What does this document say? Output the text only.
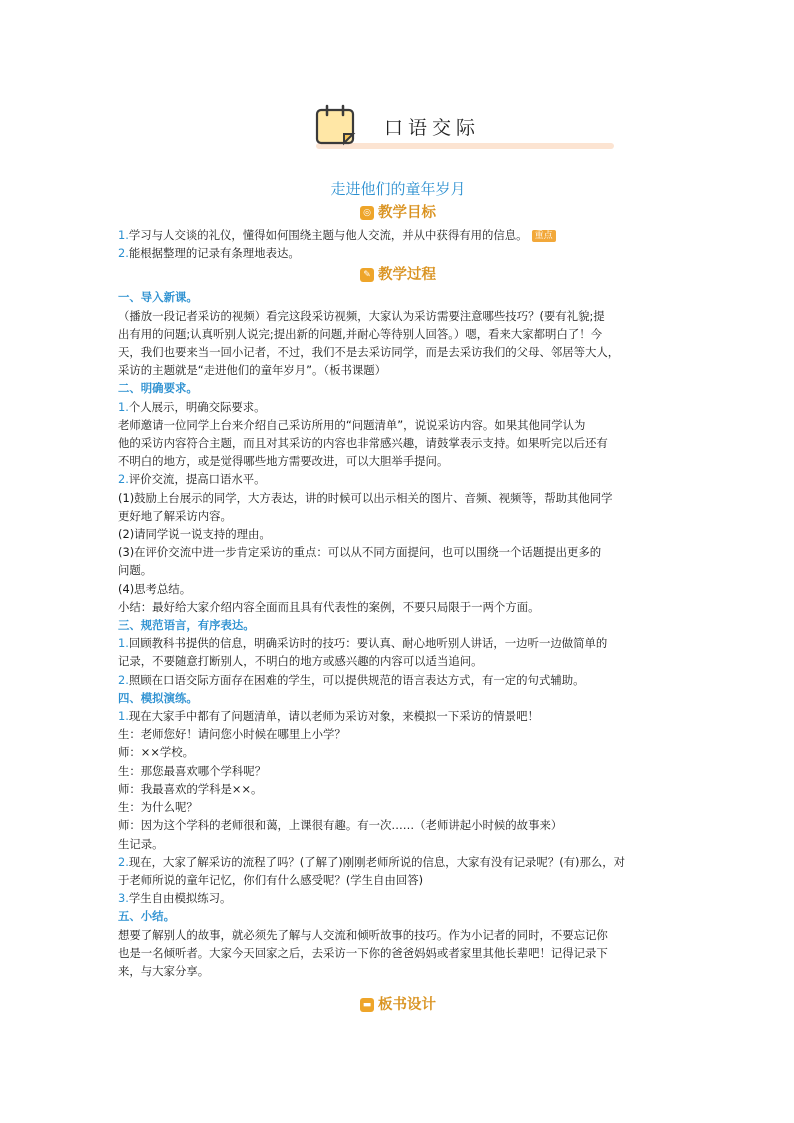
口语交际
走进他们的童年岁月
◎ 教学目标
1.学习与人交谈的礼仪，懂得如何围绕主题与他人交流，并从中获得有用的信息。 重点
2.能根据整理的记录有条理地表达。
✎ 教学过程
一、导入新课。
（播放一段记者采访的视频）看完这段采访视频，大家认为采访需要注意哪些技巧？(要有礼貌;提
出有用的问题;认真听别人说完;提出新的问题,并耐心等待别人回答。）嗯，看来大家都明白了！今
天，我们也要来当一回小记者，不过，我们不是去采访同学，而是去采访我们的父母、邻居等大人，
采访的主题就是“走进他们的童年岁月”。（板书课题）
二、明确要求。
1.个人展示，明确交际要求。
老师邀请一位同学上台来介绍自己采访所用的“问题清单”，说说采访内容。如果其他同学认为
他的采访内容符合主题，而且对其采访的内容也非常感兴趣，请鼓掌表示支持。如果听完以后还有
不明白的地方，或是觉得哪些地方需要改进，可以大胆举手提问。
2.评价交流，提高口语水平。
(1)鼓励上台展示的同学，大方表达，讲的时候可以出示相关的图片、音频、视频等，帮助其他同学
更好地了解采访内容。
(2)请同学说一说支持的理由。
(3)在评价交流中进一步肯定采访的重点：可以从不同方面提问，也可以围绕一个话题提出更多的
问题。
(4)思考总结。
小结：最好给大家介绍内容全面而且具有代表性的案例，不要只局限于一两个方面。
三、规范语言，有序表达。
1.回顾教科书提供的信息，明确采访时的技巧：要认真、耐心地听别人讲话，一边听一边做简单的
记录，不要随意打断别人，不明白的地方或感兴趣的内容可以适当追问。
2.照顾在口语交际方面存在困难的学生，可以提供规范的语言表达方式，有一定的句式辅助。
四、模拟演练。
1.现在大家手中都有了问题清单，请以老师为采访对象，来模拟一下采访的情景吧！
生：老师您好！请问您小时候在哪里上小学？
师：××学校。
生：那您最喜欢哪个学科呢？
师：我最喜欢的学科是××。
生：为什么呢？
师：因为这个学科的老师很和蔼，上课很有趣。有一次……（老师讲起小时候的故事来）
生记录。
2.现在，大家了解采访的流程了吗？(了解了)刚刚老师所说的信息，大家有没有记录呢？(有)那么，对
于老师所说的童年记忆，你们有什么感受呢？(学生自由回答)
3.学生自由模拟练习。
五、小结。
想要了解别人的故事，就必须先了解与人交流和倾听故事的技巧。作为小记者的同时，不要忘记你
也是一名倾听者。大家今天回家之后，去采访一下你的爸爸妈妈或者家里其他长辈吧！记得记录下
来，与大家分享。
▬ 板书设计
